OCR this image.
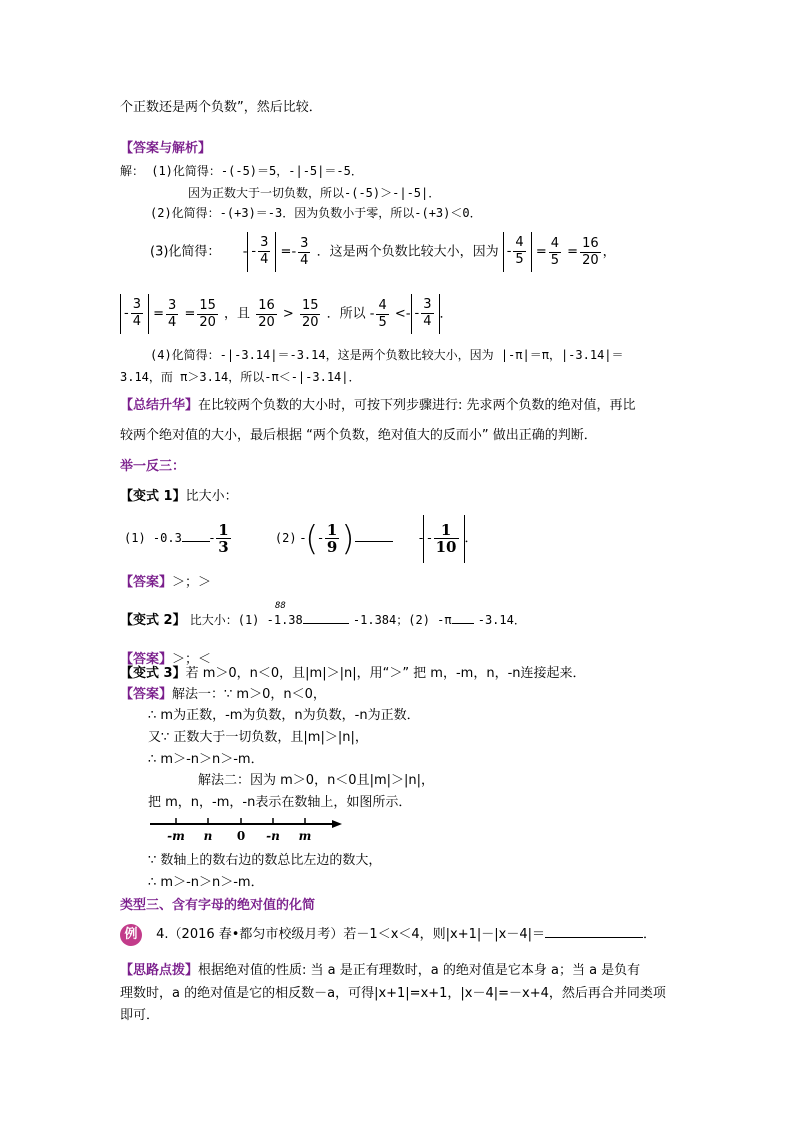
个正数还是两个负数”，然后比较．
【答案与解析】
解： (1)化简得：-(-5)＝5，-|-5|＝-5．
因为正数大于一切负数，所以-(-5)＞-|-5|．
(2)化简得：-(+3)＝-3．因为负数小于零，所以-(+3)＜0．
(3)化简得： - - $\frac{3}{4} =- \frac{3}{4}$ ．这是两个负数比较大小，因为 - $\frac{4}{5} = \frac{4}{5} = \frac{16}{20}$ ，
- $\frac{3}{4} = \frac{3}{4} = \frac{15}{20}$ ，且 $\frac{16}{20} > \frac{15}{20}$ ．所以 - $\frac{4}{5}$ <- - $\frac{3}{4}$ ．
(4)化简得：-|-3.14|＝-3.14，这是两个负数比较大小，因为 |-π|＝π，|-3.14|＝
3.14，而 π＞3.14，所以-π＜-|-3.14|．
【总结升华】在比较两个负数的大小时，可按下列步骤进行: 先求两个负数的绝对值，再比
较两个绝对值的大小，最后根据 “两个负数，绝对值大的反而小” 做出正确的判断．
举一反三：
【变式 1】比大小：
(1) $-0.3 - \frac{1}{3}$	(2) -(- $\frac{1}{9}$ )	- - $\frac{1}{10}$ ．
【答案】＞；＞
【变式 2】 比大小：(1) -1.38	-1.384；(2) -π -3.14．
88
【答案】＞；＜
【变式 3】若 m＞0，n＜0，且|m|＞|n|，用“＞” 把 m，-m，n，-n连接起来．
【答案】解法一：∵ m＞0，n＜0，
∴ m为正数，-m为负数，n为负数，-n为正数．
又∵ 正数大于一切负数，且|m|＞|n|，
∴ m＞-n＞n＞-m．
解法二：因为 m＞0，n＜0且|m|＞|n|，
把 m，n，-m，-n表示在数轴上，如图所示．
-m n 0 -n m
∵ 数轴上的数右边的数总比左边的数大，
∴ m＞-n＞n＞-m．
类型三、含有字母的绝对值的化简
例 4.（2016 春•都匀市校级月考）若－1＜x＜4，则|x+1|－|x－4|＝	．
【思路点拨】根据绝对值的性质: 当 a 是正有理数时，a 的绝对值是它本身 a；当 a 是负有
理数时，a 的绝对值是它的相反数－a，可得|x+1|=x+1，|x－4|=－x+4，然后再合并同类项
即可．
